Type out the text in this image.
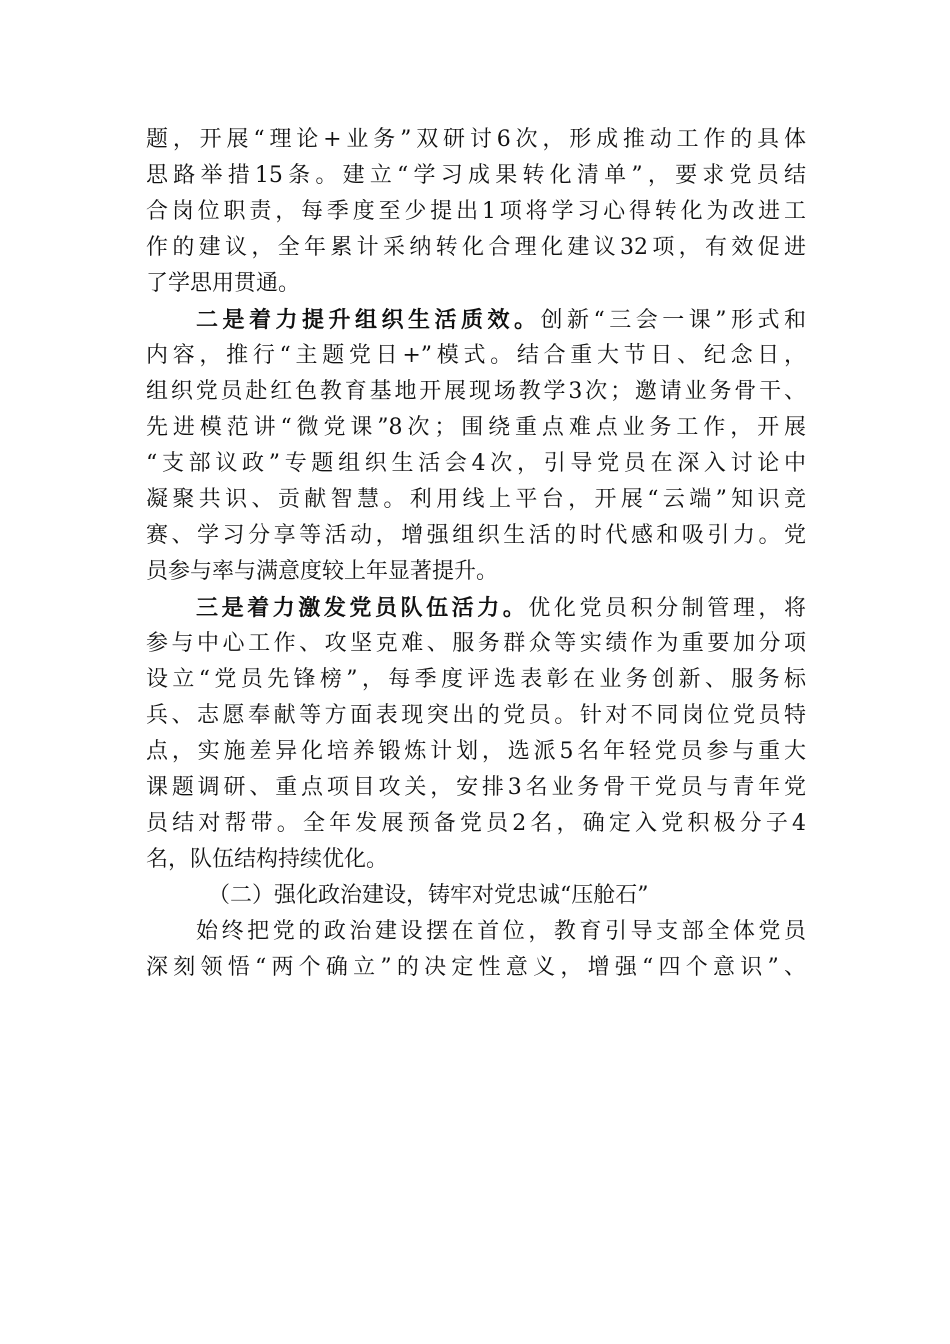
题，开展“理论+业务”双研讨6次，形成推动工作的具体
思路举措15条。建立“学习成果转化清单”，要求党员结
合岗位职责，每季度至少提出1项将学习心得转化为改进工
作的建议，全年累计采纳转化合理化建议32项，有效促进
了学思用贯通。
二是着力提升组织生活质效。创新“三会一课”形式和
内容，推行“主题党日+”模式。结合重大节日、纪念日，
组织党员赴红色教育基地开展现场教学3次；邀请业务骨干、
先进模范讲“微党课”8次；围绕重点难点业务工作，开展
“支部议政”专题组织生活会4次，引导党员在深入讨论中
凝聚共识、贡献智慧。利用线上平台，开展“云端”知识竞
赛、学习分享等活动，增强组织生活的时代感和吸引力。党
员参与率与满意度较上年显著提升。
三是着力激发党员队伍活力。优化党员积分制管理，将
参与中心工作、攻坚克难、服务群众等实绩作为重要加分项
设立“党员先锋榜”，每季度评选表彰在业务创新、服务标
兵、志愿奉献等方面表现突出的党员。针对不同岗位党员特
点，实施差异化培养锻炼计划，选派5名年轻党员参与重大
课题调研、重点项目攻关，安排3名业务骨干党员与青年党
员结对帮带。全年发展预备党员2名，确定入党积极分子4
名，队伍结构持续优化。
（二）强化政治建设，铸牢对党忠诚“压舱石”
始终把党的政治建设摆在首位，教育引导支部全体党员
深刻领悟“两个确立”的决定性意义，增强“四个意识”、
